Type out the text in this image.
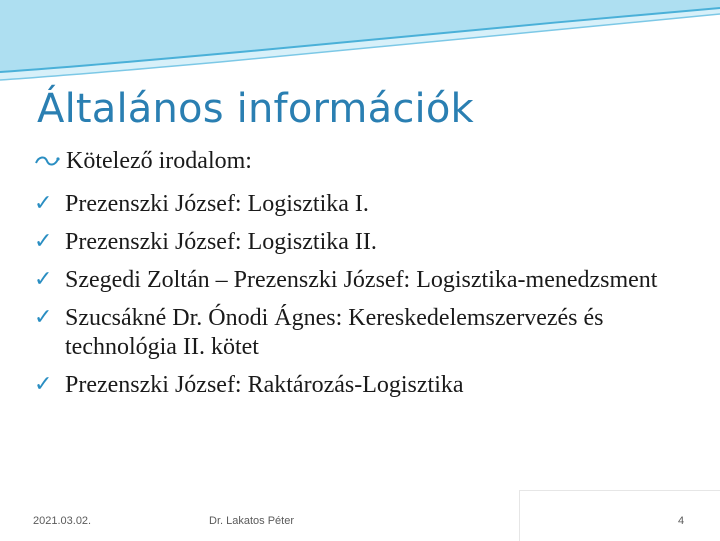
Általános információk
Kötelező irodalom:
✓ Prezenszki József: Logisztika I.
✓ Prezenszki József: Logisztika II.
✓ Szegedi Zoltán – Prezenszki József: Logisztika-menedzsment
✓ Szucsákné Dr. Ónodi Ágnes: Kereskedelemszervezés és technológia II. kötet
✓ Prezenszki József: Raktározás-Logisztika
2021.03.02.	Dr. Lakatos Péter	4
